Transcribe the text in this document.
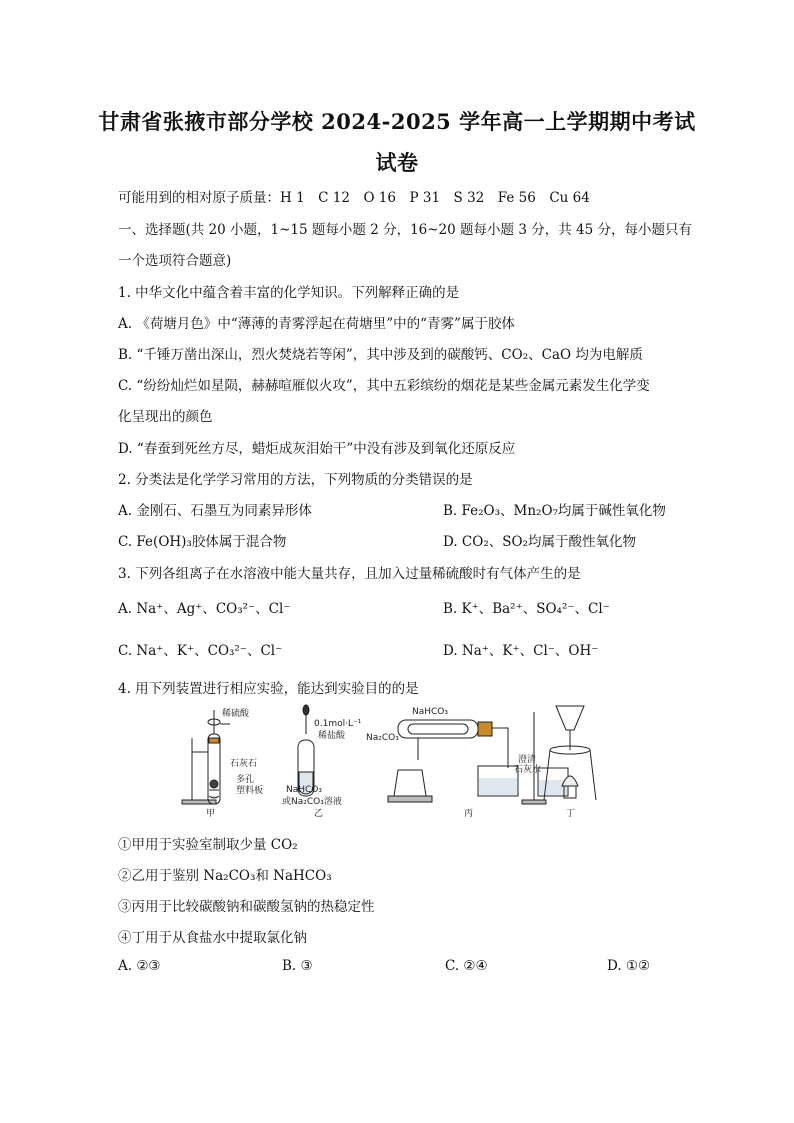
甘肃省张掖市部分学校 2024-2025 学年高一上学期期中考试
试卷
可能用到的相对原子质量：H 1　C 12　O 16　P 31　S 32　Fe 56　Cu 64
一、选择题(共 20 小题，1~15 题每小题 2 分，16~20 题每小题 3 分，共 45 分，每小题只有
一个选项符合题意)
1. 中华文化中蕴含着丰富的化学知识。下列解释正确的是
A. 《荷塘月色》中“薄薄的青雾浮起在荷塘里”中的“青雾”属于胶体
B. “千锤万凿出深山，烈火焚烧若等闲”，其中涉及到的碳酸钙、CO₂、CaO 均为电解质
C. “纷纷灿烂如星陨，赫赫喧雁似火攻”，其中五彩缤纷的烟花是某些金属元素发生化学变
化呈现出的颜色
D. “春蚕到死丝方尽，蜡炬成灰泪始干”中没有涉及到氧化还原反应
2. 分类法是化学学习常用的方法，下列物质的分类错误的是
A. 金刚石、石墨互为同素异形体	B. Fe₂O₃、Mn₂O₇均属于碱性氧化物
C. Fe(OH)₃胶体属于混合物	D. CO₂、SO₂均属于酸性氧化物
3. 下列各组离子在水溶液中能大量共存，且加入过量稀硫酸时有气体产生的是
A. Na⁺、Ag⁺、CO₃²⁻、Cl⁻	B. K⁺、Ba²⁺、SO₄²⁻、Cl⁻
C. Na⁺、K⁺、CO₃²⁻、Cl⁻	D. Na⁺、K⁺、Cl⁻、OH⁻
4. 用下列装置进行相应实验，能达到实验目的的是
稀硫酸
石灰石
多孔
塑料板
甲
0.1mol·L⁻¹
稀盐酸
NaHCO₃
或Na₂CO₃溶液
乙
NaHCO₃
Na₂CO₃
澄清
石灰水
丙	丁
①甲用于实验室制取少量 CO₂
②乙用于鉴别 Na₂CO₃和 NaHCO₃
③丙用于比较碳酸钠和碳酸氢钠的热稳定性
④丁用于从食盐水中提取氯化钠
A. ②③	B. ③	C. ②④	D. ①②
